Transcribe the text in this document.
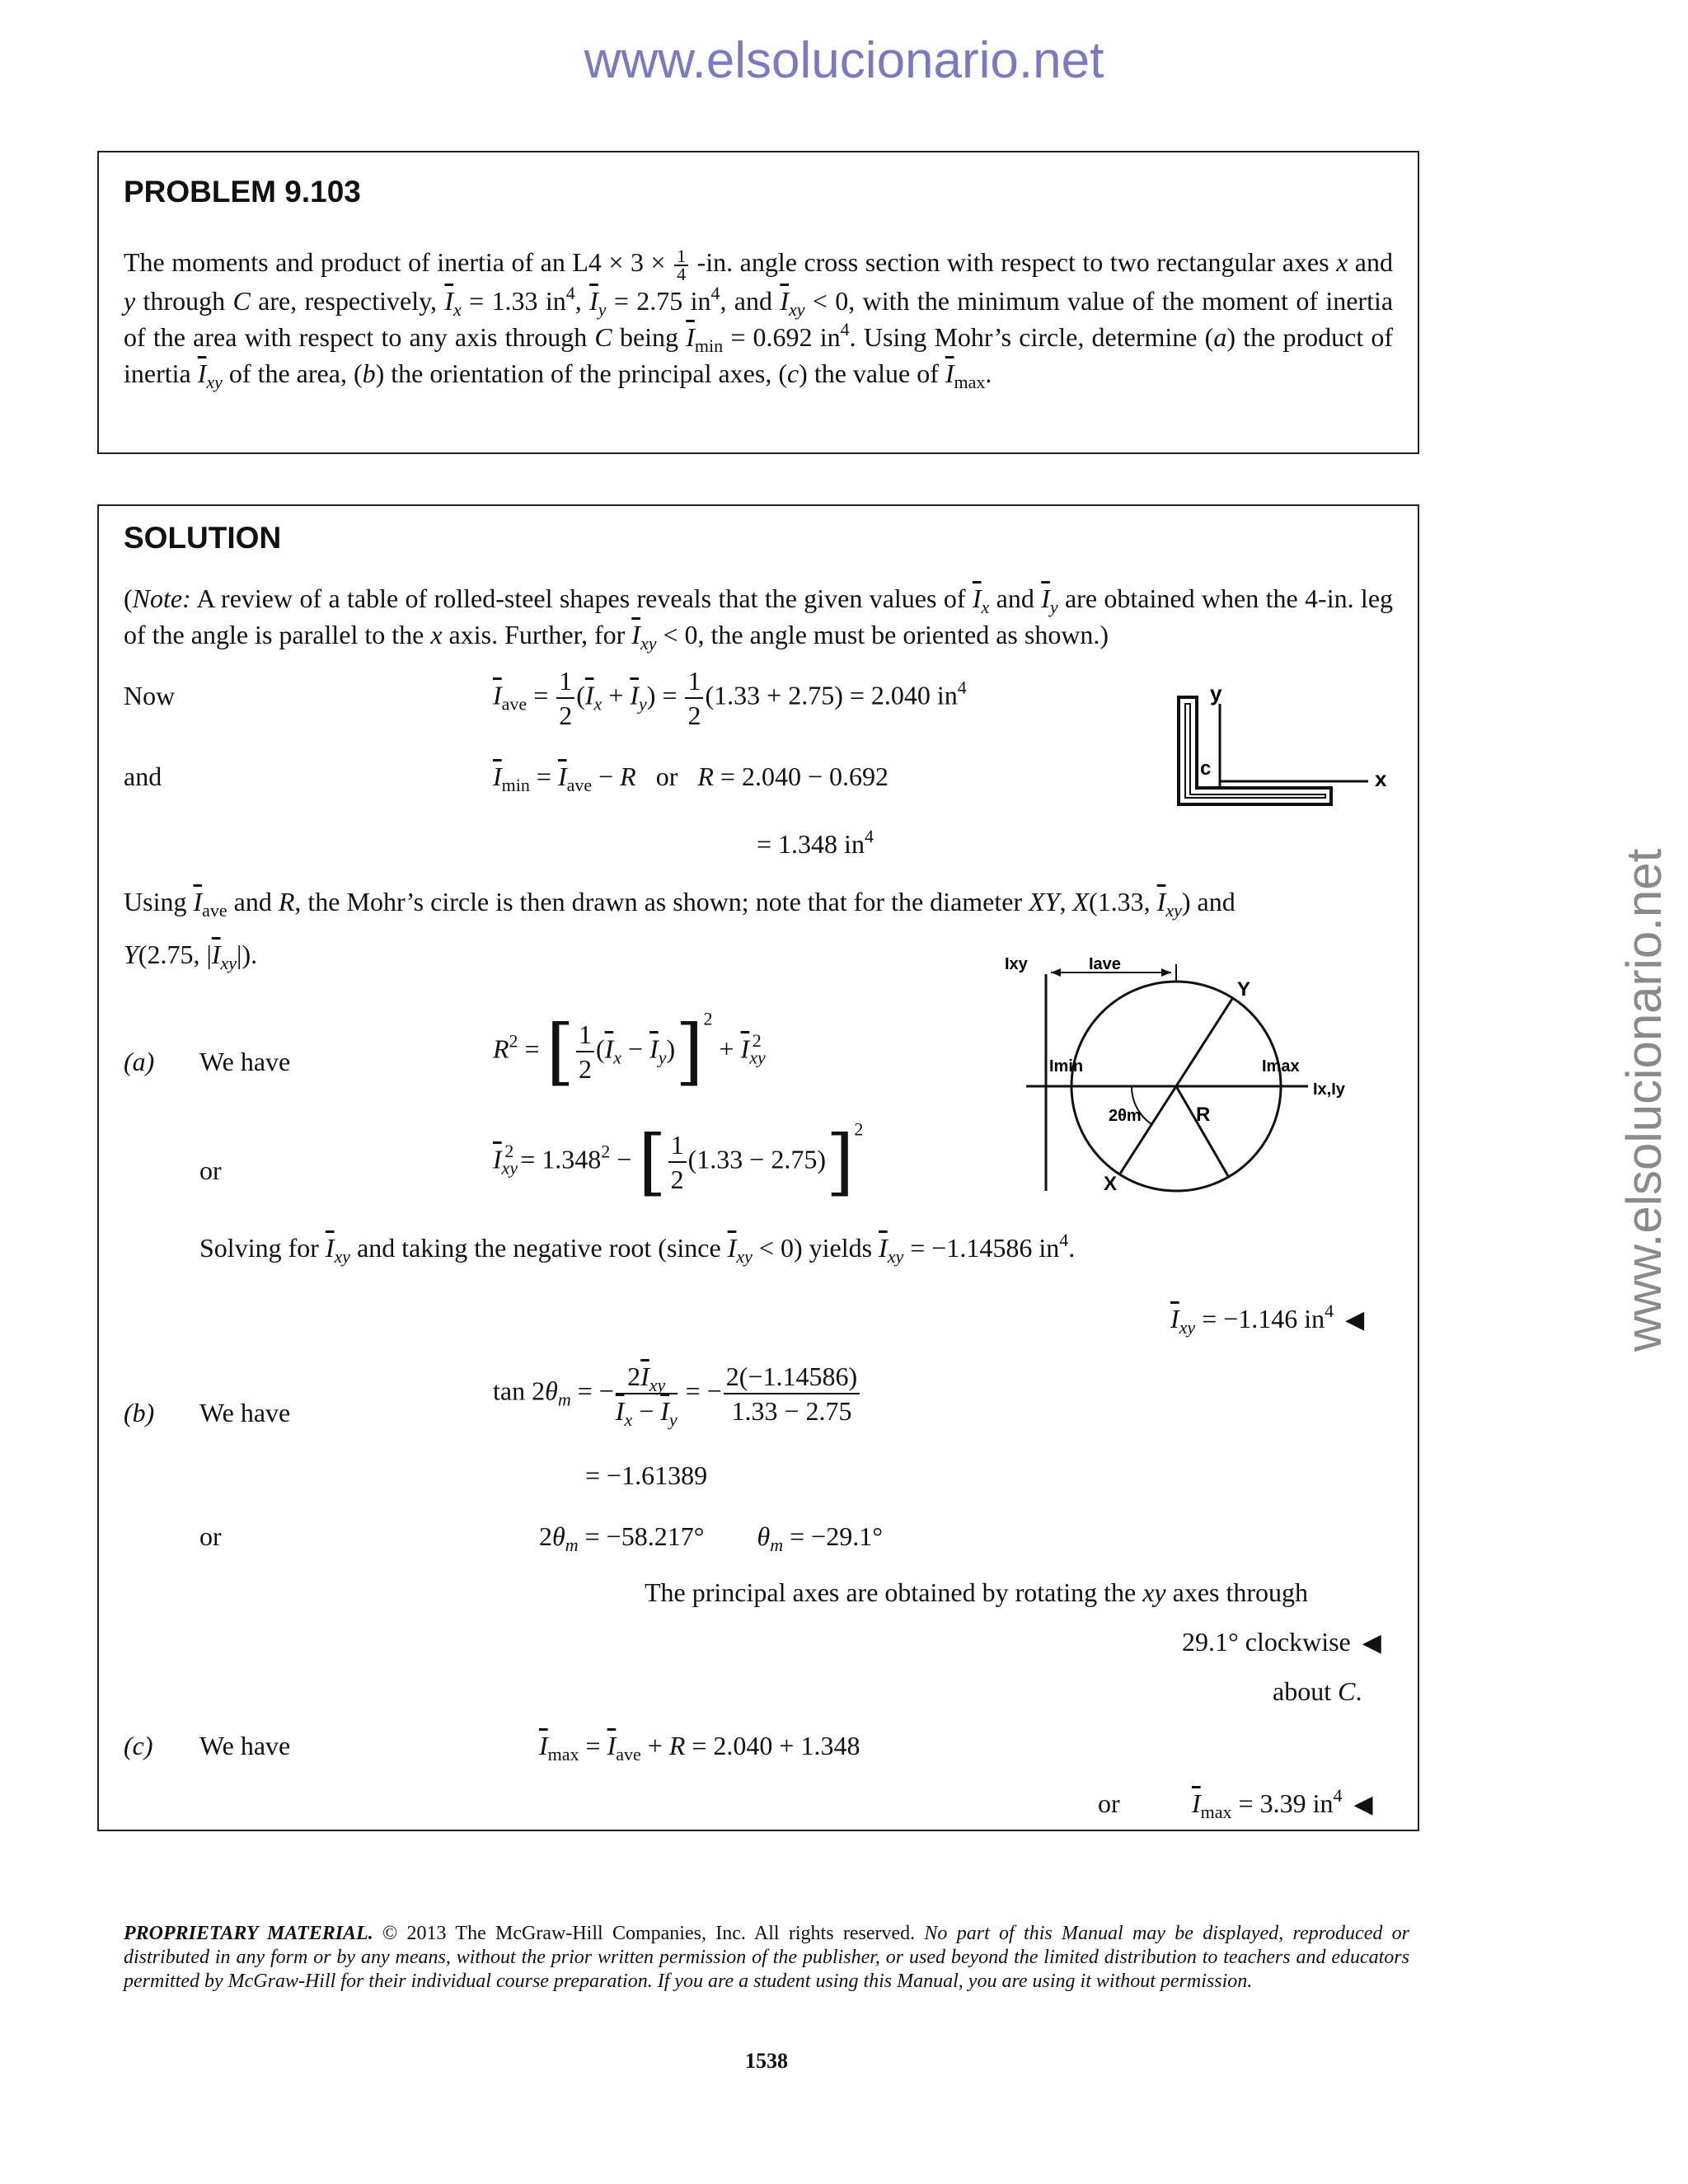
www.elsolucionario.net
www.elsolucionario.net
PROBLEM 9.103
The moments and product of inertia of an $L4 \times 3 \times \frac{1}{4} -in$. angle cross section with respect to two rectangular axes x and y through C are, respectively, $\overline{I}_x = 1.33$ $in^4$, $\overline{I}_y = 2.75$ $in^4$, and $\overline{I}_{xy} < 0$, with the minimum value of the moment of inertia of the area with respect to any axis through C being $\overline{I}_{min} = 0.692$ $in^4$. Using Mohr’s circle, determine (a) the product of inertia $\overline{I}_{xy}$ of the area, (b) the orientation of the principal axes, (c) the value of $\overline{I}_{max}$.
SOLUTION
(Note: A review of a table of rolled-steel shapes reveals that the given values of $\overline{I}_x$ and $\overline{I}_y$ are obtained when the 4-in. leg of the angle is parallel to the x axis. Further, for $\overline{I}_{xy} < 0$, the angle must be oriented as shown.)
Now	$\overline{I}_{ave} = \frac{1}{2} (\overline{I}_x + \overline{I}_y) = \frac{1}{2} (1.33 + 2.75) = 2.040$ $in^4$
and	$\overline{I}_{min} = \overline{I}_{ave} - R$   or   R = 2.040 − 0.692
= 1.348 $in^4$
y
x
c
Using $\overline{I}_{ave}$ and R, the Mohr’s circle is then drawn as shown; note that for the diameter XY, X(1.33, $\overline{I}_{xy}$) and
Y(2.75, $|\overline{I}_{xy}|$).	Ixy	Iave
Imin	Imax
Ix,Iy
Y
X
R
2θm
(a) We have	$R^2$ = [ $\frac{1}{2} (\overline{I}_x - \overline{I}_y)]^2 + \overline{I}_{xy}^2$
or	$\overline{I}_{xy}^2 = 1.348^2$ − [ $\frac{1}{2} (1.33 - 2.75)]^2$
Solving for $\overline{I}_{xy}$ and taking the negative root (since $\overline{I}_{xy} < 0$) yields $\overline{I}_{xy} = -1.14586$ $in^4$.
$\overline{I}_{xy} = -1.146$ $in^4$ ◀
(b) We have
$\tan 2\theta_m$ = − $\frac{2\overline{I}_{xy}}{\overline{I}_x - \overline{I}_y}$ = − $\frac{2(-1.14586)}{1.33 - 2.75}$
= −1.61389
or	$2\theta_m = -58.217^\circ$ $\theta_m = -29.1^\circ$
The principal axes are obtained by rotating the xy axes through
29.1° clockwise ◀
about C.
(c) We have	$\overline{I}_{max} = \overline{I}_{ave} + R = 2.040 + 1.348$
or	$\overline{I}_{max} = 3.39$ $in^4$ ◀
PROPRIETARY MATERIAL. © 2013 The McGraw-Hill Companies, Inc. All rights reserved. No part of this Manual may be displayed, reproduced or distributed in any form or by any means, without the prior written permission of the publisher, or used beyond the limited distribution to teachers and educators permitted by McGraw-Hill for their individual course preparation. If you are a student using this Manual, you are using it without permission.
1538
